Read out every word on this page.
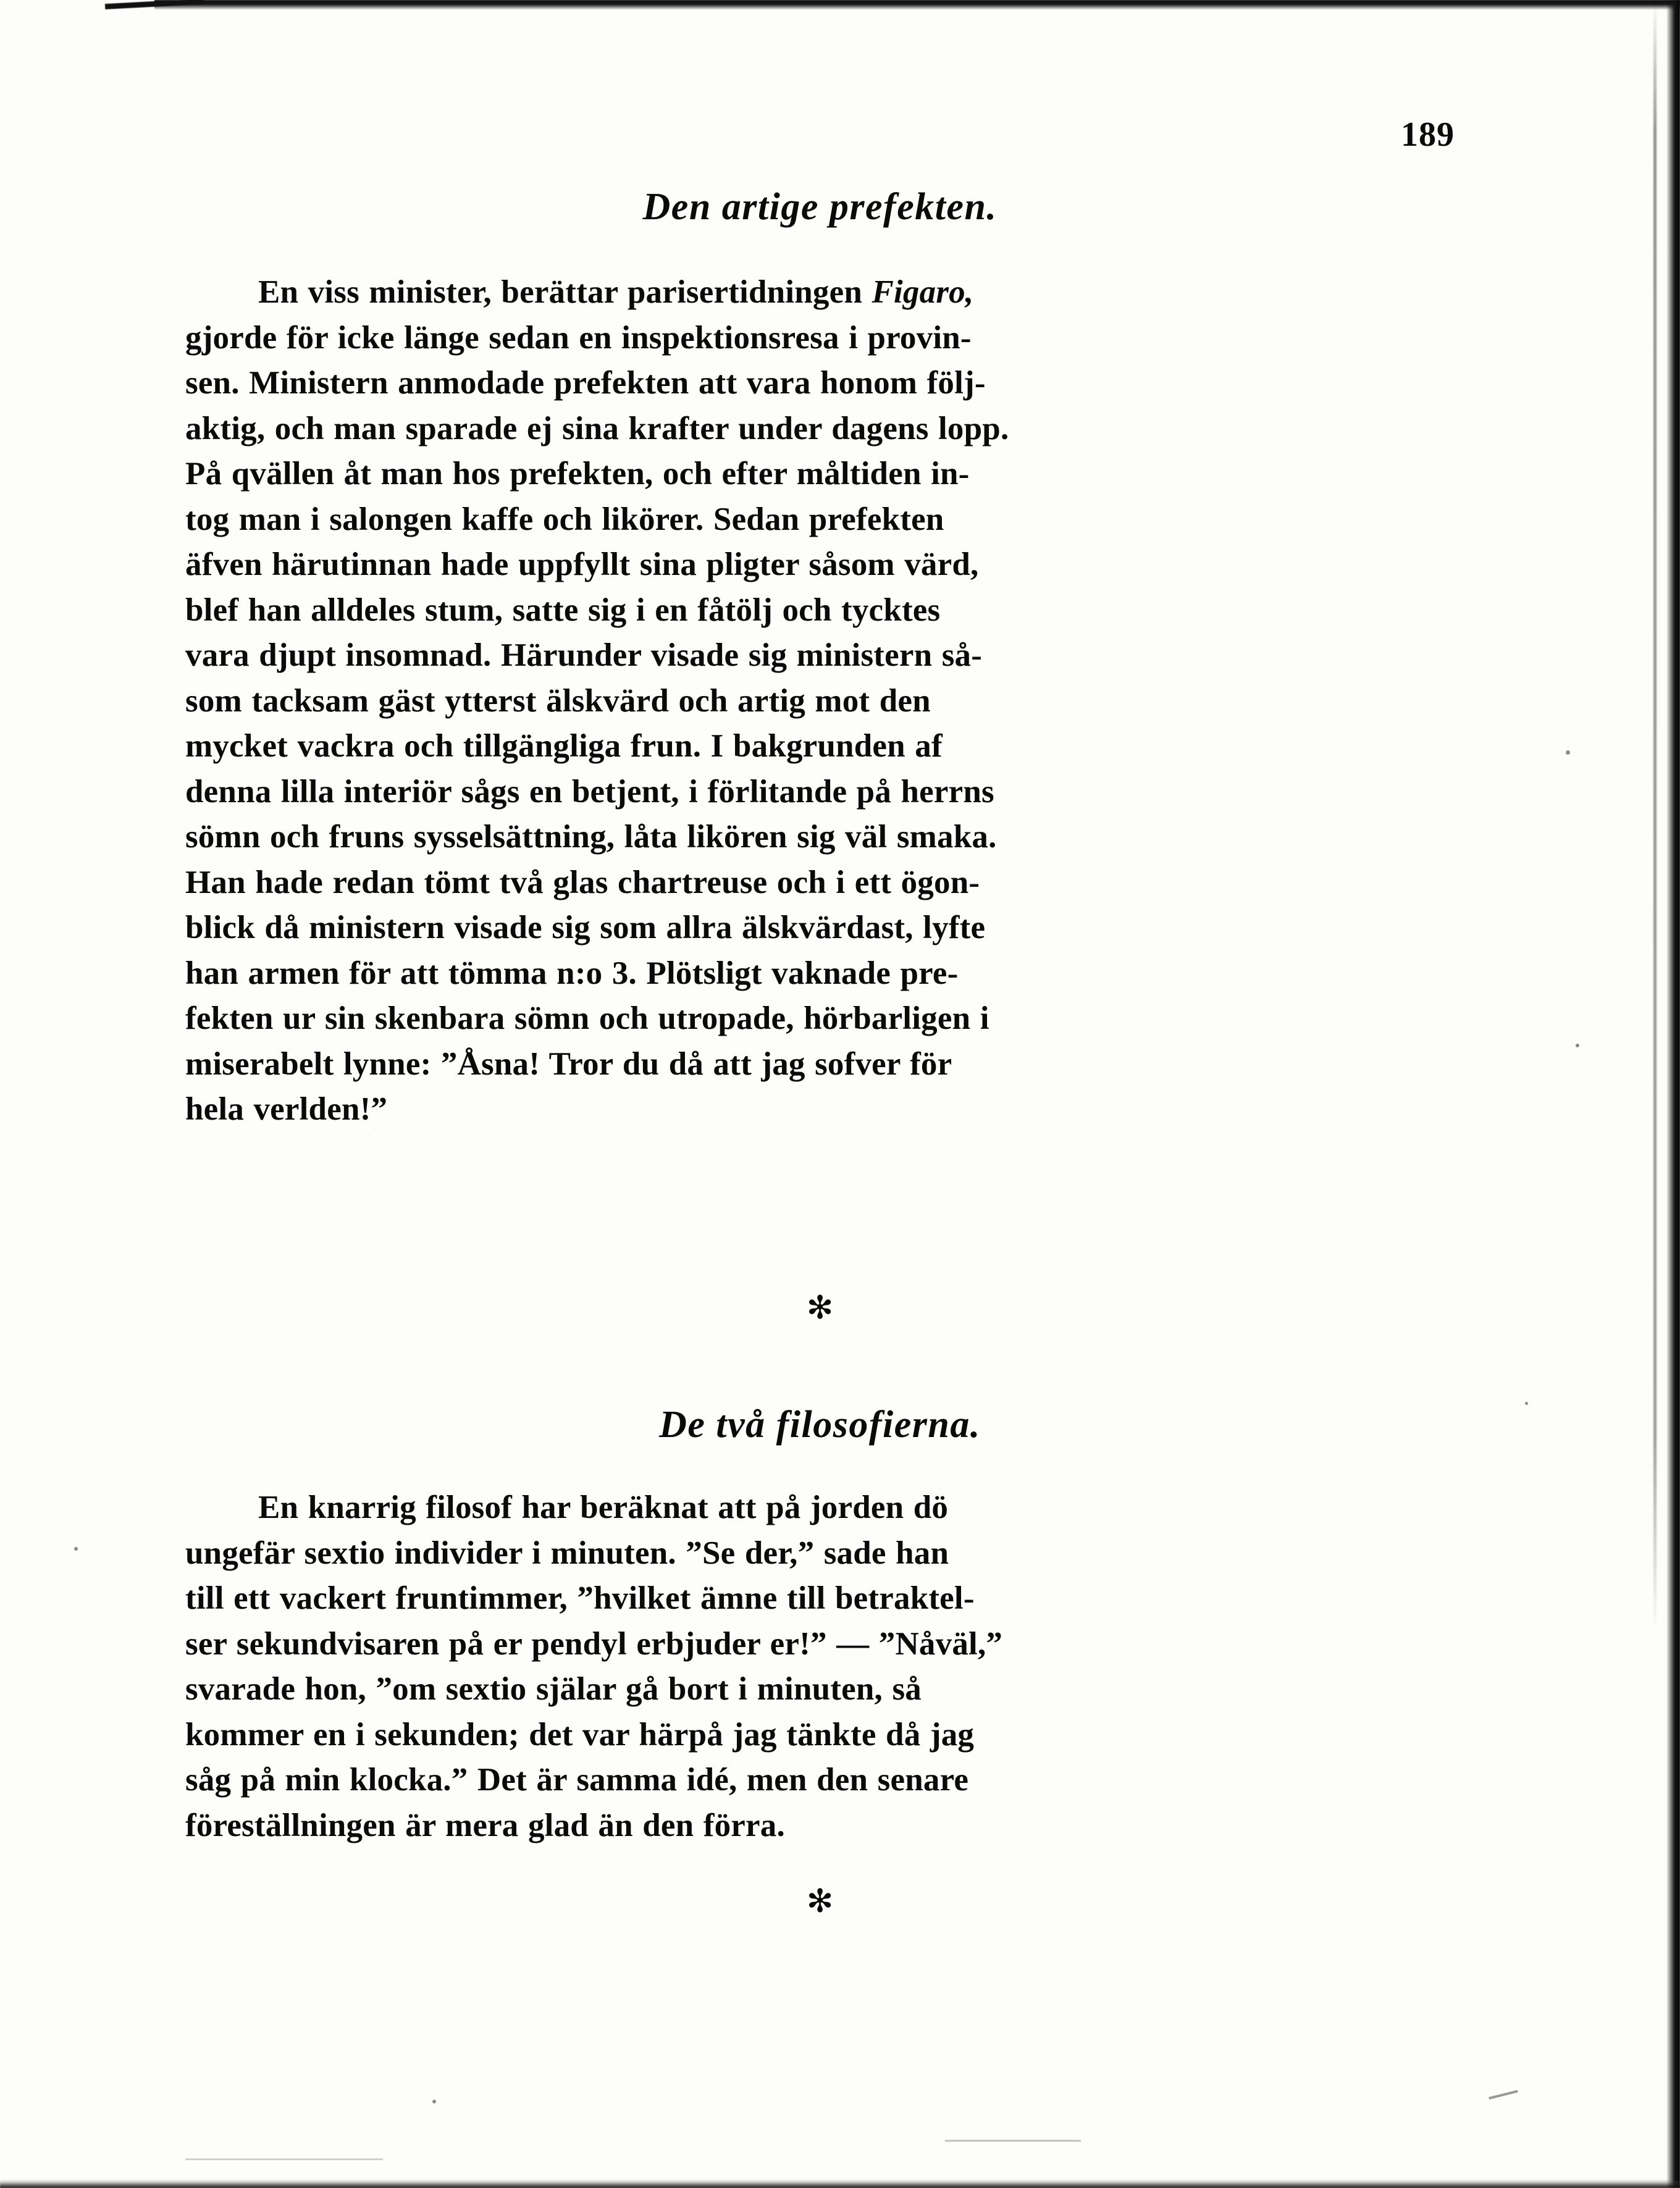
189
Den artige prefekten.
En viss minister, berättar parisertidningen Figaro,
gjorde för icke länge sedan en inspektionsresa i provin-
sen. Ministern anmodade prefekten att vara honom följ-
aktig, och man sparade ej sina krafter under dagens lopp.
På qvällen åt man hos prefekten, och efter måltiden in-
tog man i salongen kaffe och likörer. Sedan prefekten
äfven härutinnan hade uppfyllt sina pligter såsom värd,
blef han alldeles stum, satte sig i en fåtölj och tycktes
vara djupt insomnad. Härunder visade sig ministern så-
som tacksam gäst ytterst älskvärd och artig mot den
mycket vackra och tillgängliga frun. I bakgrunden af
denna lilla interiör sågs en betjent, i förlitande på herrns
sömn och fruns sysselsättning, låta likören sig väl smaka.
Han hade redan tömt två glas chartreuse och i ett ögon-
blick då ministern visade sig som allra älskvärdast, lyfte
han armen för att tömma n:o 3. Plötsligt vaknade pre-
fekten ur sin skenbara sömn och utropade, hörbarligen i
miserabelt lynne: ”Åsna! Tror du då att jag sofver för
hela verlden!”
✻
De två filosofierna.
En knarrig filosof har beräknat att på jorden dö
ungefär sextio individer i minuten. ”Se der,” sade han
till ett vackert fruntimmer, ”hvilket ämne till betraktel-
ser sekundvisaren på er pendyl erbjuder er!” — ”Nåväl,”
svarade hon, ”om sextio själar gå bort i minuten, så
kommer en i sekunden; det var härpå jag tänkte då jag
såg på min klocka.” Det är samma idé, men den senare
föreställningen är mera glad än den förra.
✻
